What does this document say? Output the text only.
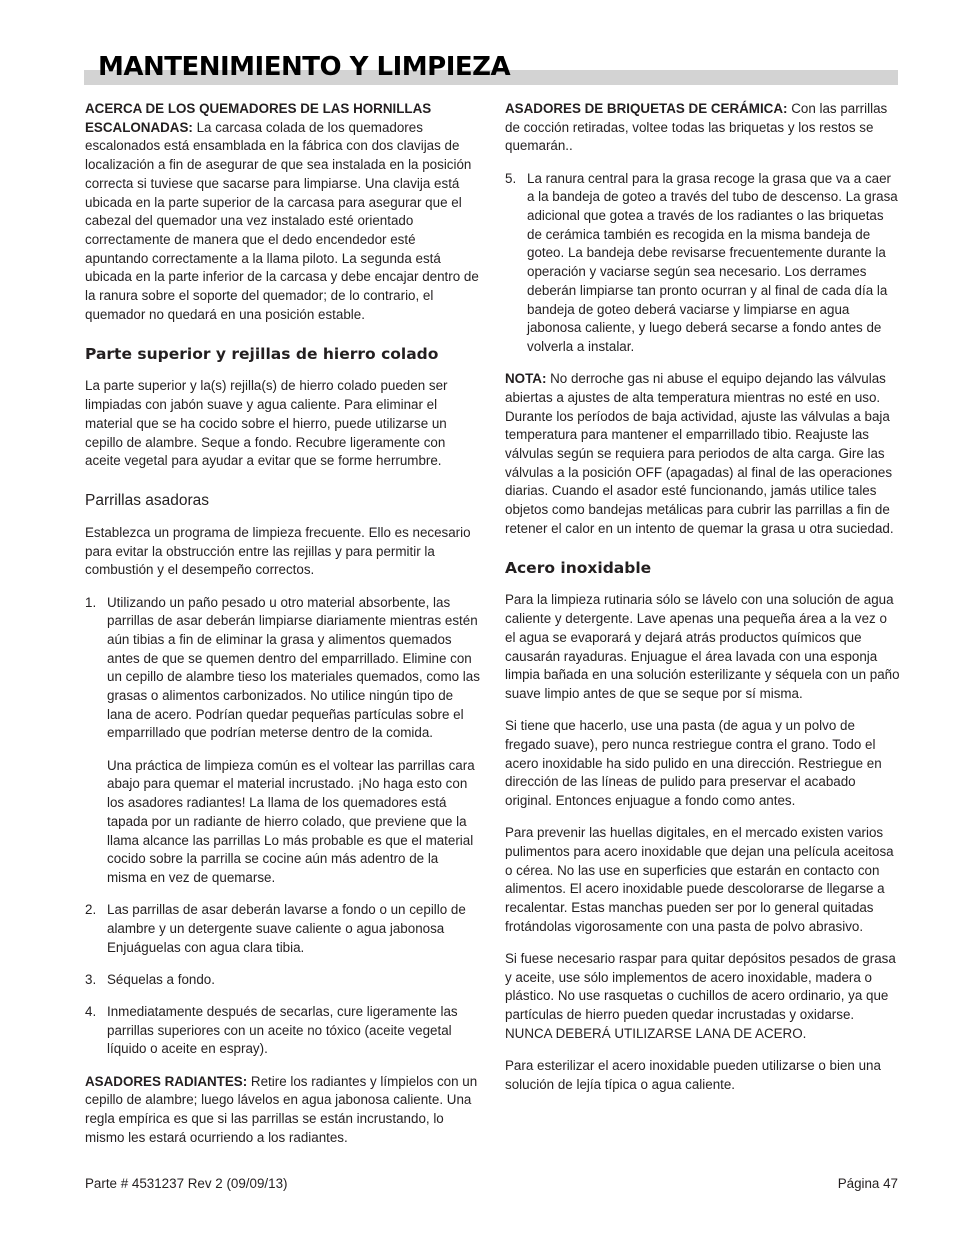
MANTENIMIENTO Y LIMPIEZA

ACERCA DE LOS QUEMADORES DE LAS HORNILLAS ESCALONADAS: La carcasa colada de los quemadores escalonados está ensamblada en la fábrica con dos clavijas de localización a fin de asegurar de que sea instalada en la posición correcta si tuviese que sacarse para limpiarse. Una clavija está ubicada en la parte superior de la carcasa para asegurar que el cabezal del quemador una vez instalado esté orientado correctamente de manera que el dedo encendedor esté apuntando correctamente a la llama piloto. La segunda está ubicada en la parte inferior de la carcasa y debe encajar dentro de la ranura sobre el soporte del quemador; de lo contrario, el quemador no quedará en una posición estable.

Parte superior y rejillas de hierro colado

La parte superior y la(s) rejilla(s) de hierro colado pueden ser limpiadas con jabón suave y agua caliente. Para eliminar el material que se ha cocido sobre el hierro, puede utilizarse un cepillo de alambre. Seque a fondo. Recubre ligeramente con aceite vegetal para ayudar a evitar que se forme herrumbre.

Parrillas asadoras

Establezca un programa de limpieza frecuente. Ello es necesario para evitar la obstrucción entre las rejillas y para permitir la combustión y el desempeño correctos.

1. Utilizando un paño pesado u otro material absorbente, las parrillas de asar deberán limpiarse diariamente mientras estén aún tibias a fin de eliminar la grasa y alimentos quemados antes de que se quemen dentro del emparrillado. Elimine con un cepillo de alambre tieso los materiales quemados, como las grasas o alimentos carbonizados. No utilice ningún tipo de lana de acero. Podrían quedar pequeñas partículas sobre el emparrillado que podrían meterse dentro de la comida.

Una práctica de limpieza común es el voltear las parrillas cara abajo para quemar el material incrustado. ¡No haga esto con los asadores radiantes! La llama de los quemadores está tapada por un radiante de hierro colado, que previene que la llama alcance las parrillas Lo más probable es que el material cocido sobre la parrilla se cocine aún más adentro de la misma en vez de quemarse.

2. Las parrillas de asar deberán lavarse a fondo o un cepillo de alambre y un detergente suave caliente o agua jabonosa Enjuáguelas con agua clara tibia.

3. Séquelas a fondo.

4. Inmediatamente después de secarlas, cure ligeramente las parrillas superiores con un aceite no tóxico (aceite vegetal líquido o aceite en espray).

ASADORES RADIANTES: Retire los radiantes y límpielos con un cepillo de alambre; luego lávelos en agua jabonosa caliente. Una regla empírica es que si las parrillas se están incrustando, lo mismo les estará ocurriendo a los radiantes.

ASADORES DE BRIQUETAS DE CERÁMICA: Con las parrillas de cocción retiradas, voltee todas las briquetas y los restos se quemarán..

5. La ranura central para la grasa recoge la grasa que va a caer a la bandeja de goteo a través del tubo de descenso. La grasa adicional que gotea a través de los radiantes o las briquetas de cerámica también es recogida en la misma bandeja de goteo. La bandeja debe revisarse frecuentemente durante la operación y vaciarse según sea necesario. Los derrames deberán limpiarse tan pronto ocurran y al final de cada día la bandeja de goteo deberá vaciarse y limpiarse en agua jabonosa caliente, y luego deberá secarse a fondo antes de volverla a instalar.

NOTA: No derroche gas ni abuse el equipo dejando las válvulas abiertas a ajustes de alta temperatura mientras no esté en uso. Durante los períodos de baja actividad, ajuste las válvulas a baja temperatura para mantener el emparrillado tibio. Reajuste las válvulas según se requiera para periodos de alta carga. Gire las válvulas a la posición OFF (apagadas) al final de las operaciones diarias. Cuando el asador esté funcionando, jamás utilice tales objetos como bandejas metálicas para cubrir las parrillas a fin de retener el calor en un intento de quemar la grasa u otra suciedad.

Acero inoxidable

Para la limpieza rutinaria sólo se lávelo con una solución de agua caliente y detergente. Lave apenas una pequeña área a la vez o el agua se evaporará y dejará atrás productos químicos que causarán rayaduras. Enjuague el área lavada con una esponja limpia bañada en una solución esterilizante y séquela con un paño suave limpio antes de que se seque por sí misma.

Si tiene que hacerlo, use una pasta (de agua y un polvo de fregado suave), pero nunca restriegue contra el grano. Todo el acero inoxidable ha sido pulido en una dirección. Restriegue en dirección de las líneas de pulido para preservar el acabado original. Entonces enjuague a fondo como antes.

Para prevenir las huellas digitales, en el mercado existen varios pulimentos para acero inoxidable que dejan una película aceitosa o cérea. No las use en superficies que estarán en contacto con alimentos. El acero inoxidable puede descolorarse de llegarse a recalentar. Estas manchas pueden ser por lo general quitadas frotándolas vigorosamente con una pasta de polvo abrasivo.

Si fuese necesario raspar para quitar depósitos pesados de grasa y aceite, use sólo implementos de acero inoxidable, madera o plástico. No use rasquetas o cuchillos de acero ordinario, ya que partículas de hierro pueden quedar incrustadas y oxidarse. NUNCA DEBERÁ UTILIZARSE LANA DE ACERO.

Para esterilizar el acero inoxidable pueden utilizarse o bien una solución de lejía típica o agua caliente.

Parte # 4531237 Rev 2 (09/09/13)	Página 47
